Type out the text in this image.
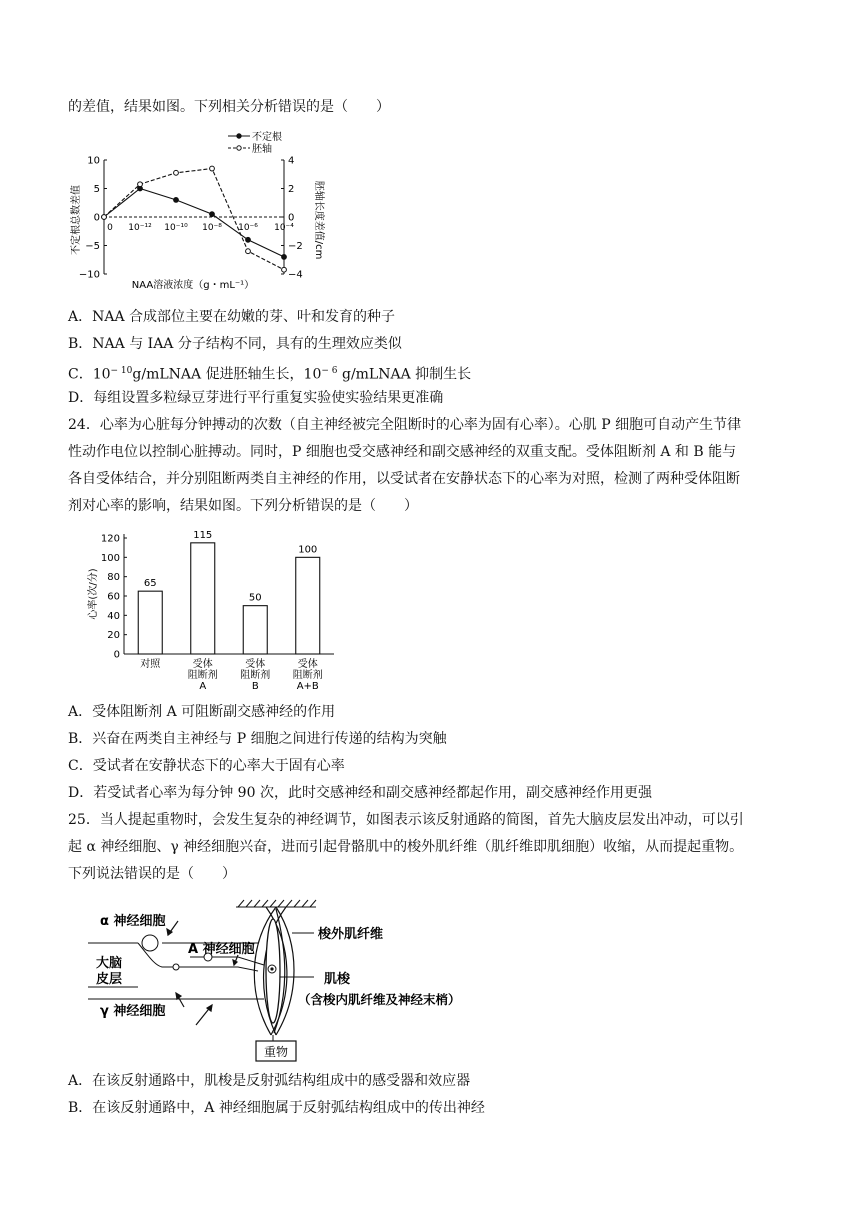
的差值，结果如图。下列相关分析错误的是（　　）
10
5
0
−5
−10
4
2
0
−2
−4
0 10⁻¹² 10⁻¹⁰ 10⁻⁸ 10⁻⁶ 10⁻⁴
不定根
胚轴
不定根总数差值	胚轴长度差值/cm
NAA溶液浓度（g・mL⁻¹）
A．NAA 合成部位主要在幼嫩的芽、叶和发育的种子
B．NAA 与 IAA 分子结构不同，具有的生理效应类似
C．$10^{- 10}g$/mLNAA 促进胚轴生长，$10^{- 6}$ g/mLNAA 抑制生长
D．每组设置多粒绿豆芽进行平行重复实验使实验结果更准确
24．心率为心脏每分钟搏动的次数（自主神经被完全阻断时的心率为固有心率）。心肌 P 细胞可自动产生节律
性动作电位以控制心脏搏动。同时，P 细胞也受交感神经和副交感神经的双重支配。受体阻断剂 A 和 B 能与
各自受体结合，并分别阻断两类自主神经的作用，以受试者在安静状态下的心率为对照，检测了两种受体阻断
剂对心率的影响，结果如图。下列分析错误的是（　　）
0
20
40
60
80
100
120
65
115
50
100
对照	受体
阻断剂
A
受体
阻断剂
B
受体
阻断剂
A+B
心率(次/分)
A．受体阻断剂 A 可阻断副交感神经的作用
B．兴奋在两类自主神经与 P 细胞之间进行传递的结构为突触
C．受试者在安静状态下的心率大于固有心率
D．若受试者心率为每分钟 90 次，此时交感神经和副交感神经都起作用，副交感神经作用更强
25．当人提起重物时，会发生复杂的神经调节，如图表示该反射通路的简图，首先大脑皮层发出冲动，可以引
起 α 神经细胞、γ 神经细胞兴奋，进而引起骨骼肌中的梭外肌纤维（肌纤维即肌细胞）收缩，从而提起重物。
下列说法错误的是（　　）
重物
α 神经细胞
A 神经细胞
大脑
皮层
γ 神经细胞
梭外肌纤维
肌梭
（含梭内肌纤维及神经末梢）
A．在该反射通路中，肌梭是反射弧结构组成中的感受器和效应器
B．在该反射通路中，A 神经细胞属于反射弧结构组成中的传出神经
